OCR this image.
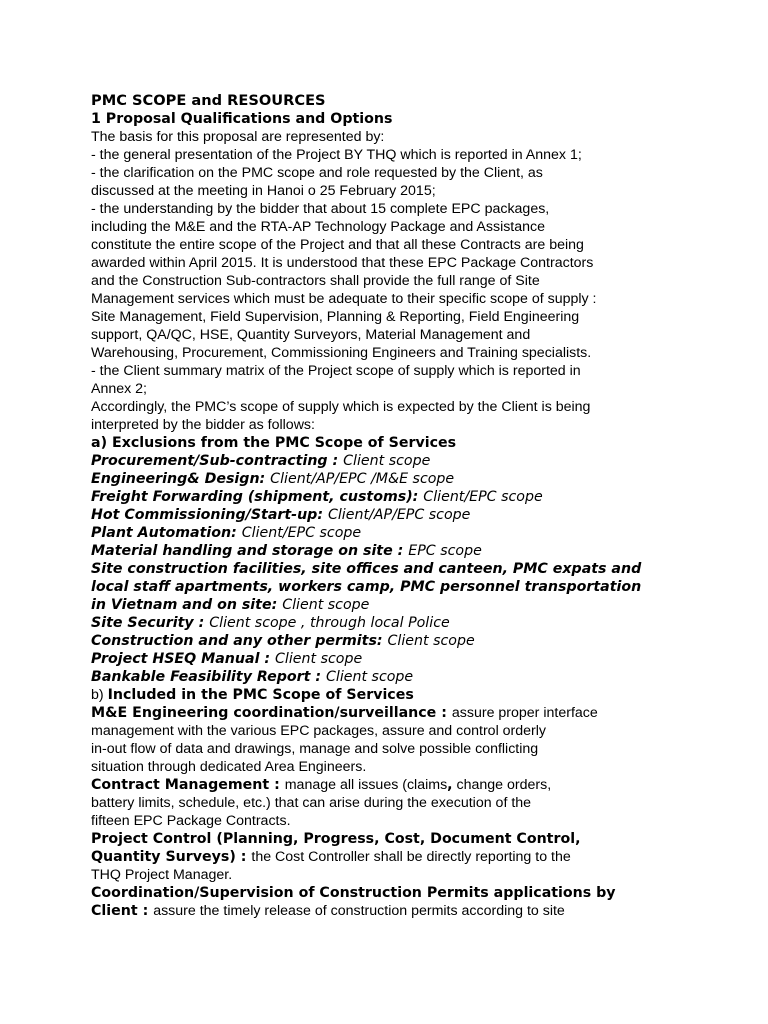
PMC SCOPE and RESOURCES
1 Proposal Qualifications and Options
The basis for this proposal are represented by:
- the general presentation of the Project BY THQ which is reported in Annex 1;
- the clarification on the PMC scope and role requested by the Client, as
discussed at the meeting in Hanoi o 25 February 2015;
- the understanding by the bidder that about 15 complete EPC packages,
including the M&E and the RTA-AP Technology Package and Assistance
constitute the entire scope of the Project and that all these Contracts are being
awarded within April 2015. It is understood that these EPC Package Contractors
and the Construction Sub-contractors shall provide the full range of Site
Management services which must be adequate to their specific scope of supply :
Site Management, Field Supervision, Planning & Reporting, Field Engineering
support, QA/QC, HSE, Quantity Surveyors, Material Management and
Warehousing, Procurement, Commissioning Engineers and Training specialists.
- the Client summary matrix of the Project scope of supply which is reported in
Annex 2;
Accordingly, the PMC’s scope of supply which is expected by the Client is being
interpreted by the bidder as follows:
a) Exclusions from the PMC Scope of Services
Procurement/Sub-contracting : Client scope
Engineering& Design: Client/AP/EPC /M&E scope
Freight Forwarding (shipment, customs): Client/EPC scope
Hot Commissioning/Start-up: Client/AP/EPC scope
Plant Automation: Client/EPC scope
Material handling and storage on site : EPC scope
Site construction facilities, site offices and canteen, PMC expats and
local staff apartments, workers camp, PMC personnel transportation
in Vietnam and on site: Client scope
Site Security : Client scope , through local Police
Construction and any other permits: Client scope
Project HSEQ Manual : Client scope
Bankable Feasibility Report : Client scope
b) Included in the PMC Scope of Services
M&E Engineering coordination/surveillance : assure proper interface
management with the various EPC packages, assure and control orderly
in-out flow of data and drawings, manage and solve possible conflicting
situation through dedicated Area Engineers.
Contract Management : manage all issues (claims, change orders,
battery limits, schedule, etc.) that can arise during the execution of the
fifteen EPC Package Contracts.
Project Control (Planning, Progress, Cost, Document Control,
Quantity Surveys) : the Cost Controller shall be directly reporting to the
THQ Project Manager.
Coordination/Supervision of Construction Permits applications by
Client : assure the timely release of construction permits according to site
